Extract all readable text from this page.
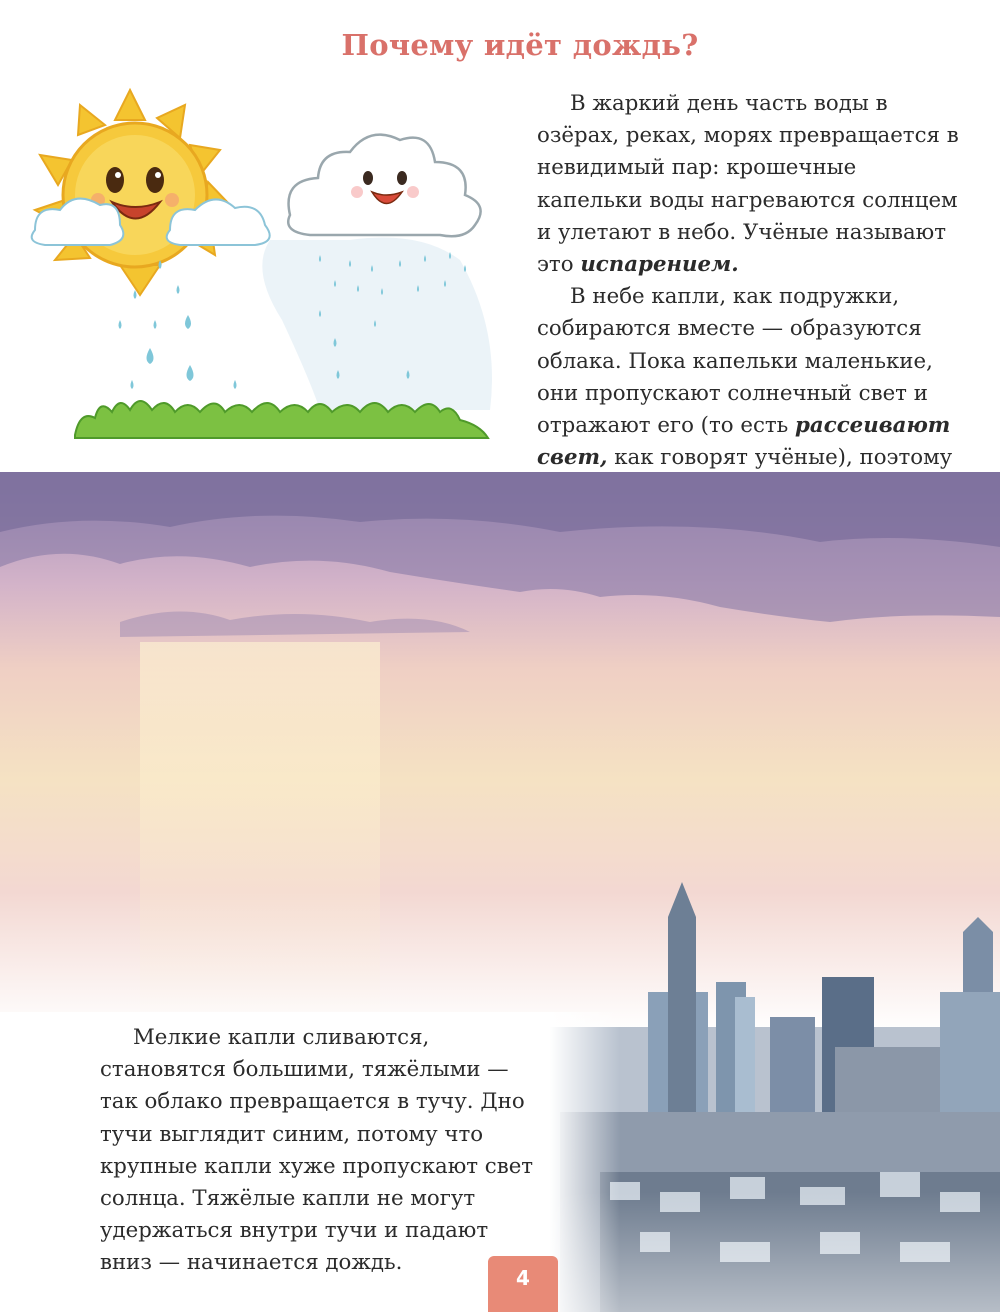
Почему идёт дождь?

В жаркий день часть воды в озёрах, реках, морях превращается в невидимый пар: крошечные капельки воды нагреваются солнцем и улетают в небо. Учёные называют это испарением.

В небе капли, как подружки, собираются вместе — образуются облака. Пока капельки маленькие, они пропускают солнечный свет и отражают его (то есть рассеивают свет, как говорят учёные), поэтому

Мелкие капли сливаются, становятся большими, тяжёлыми — так облако превращается в тучу. Дно тучи выглядит синим, потому что крупные капли хуже пропускают свет солнца. Тяжёлые капли не могут удержаться внутри тучи и падают вниз — начинается дождь.

4
